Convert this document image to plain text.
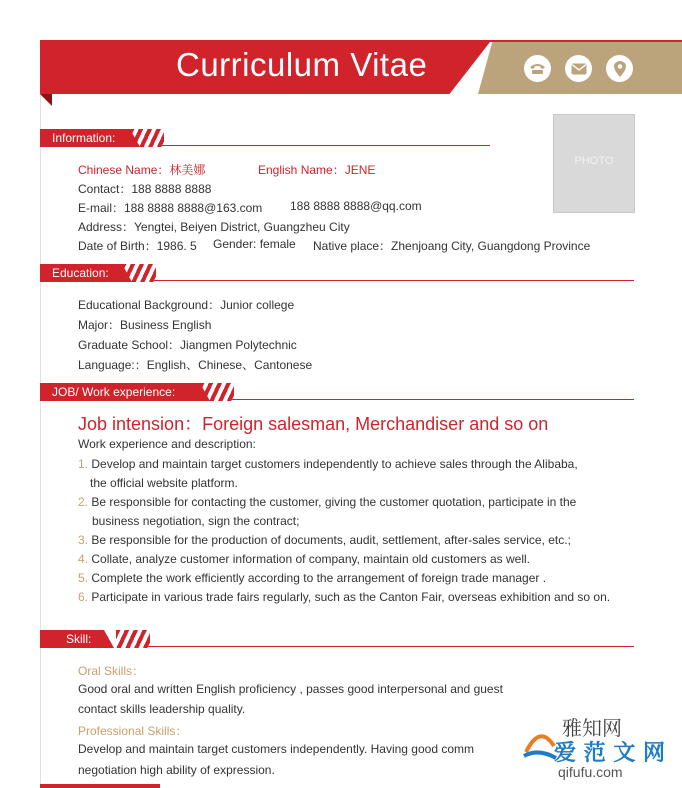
Curriculum Vitae
PHOTO
Information:
Chinese Name：林美娜	English Name：JENE
Contact：188 8888 8888
E-mail：188 8888 8888@163.com 188 8888 8888@qq.com
Address：Yengtei, Beiyen District, Guangzheu City
Date of Birth：1986. 5 Gender: female Native place：Zhenjoang City, Guangdong Province
Education:
Educational Background：Junior college
Major：Business English
Graduate School：Jiangmen Polytechnic
Language:：English、Chinese、Cantonese
JOB/ Work experience:
Job intension：Foreign salesman, Merchandiser and so on
Work experience and description:
1. Develop and maintain target customers independently to achieve sales through the Alibaba,
the official website platform.
2. Be responsible for contacting the customer, giving the customer quotation, participate in the
business negotiation, sign the contract;
3. Be responsible for the production of documents, audit, settlement, after-sales service, etc.;
4. Collate, analyze customer information of company, maintain old customers as well.
5. Complete the work efficiently according to the arrangement of foreign trade manager .
6. Participate in various trade fairs regularly, such as the Canton Fair, overseas exhibition and so on.
Skill:
Oral Skills：
Good oral and written English proficiency , passes good interpersonal and guest
contact skills leadership quality.
Professional Skills：
Develop and maintain target customers independently. Having good comm
negotiation high ability of expression.
雅知网
爱 范 文 网
qifufu.com
